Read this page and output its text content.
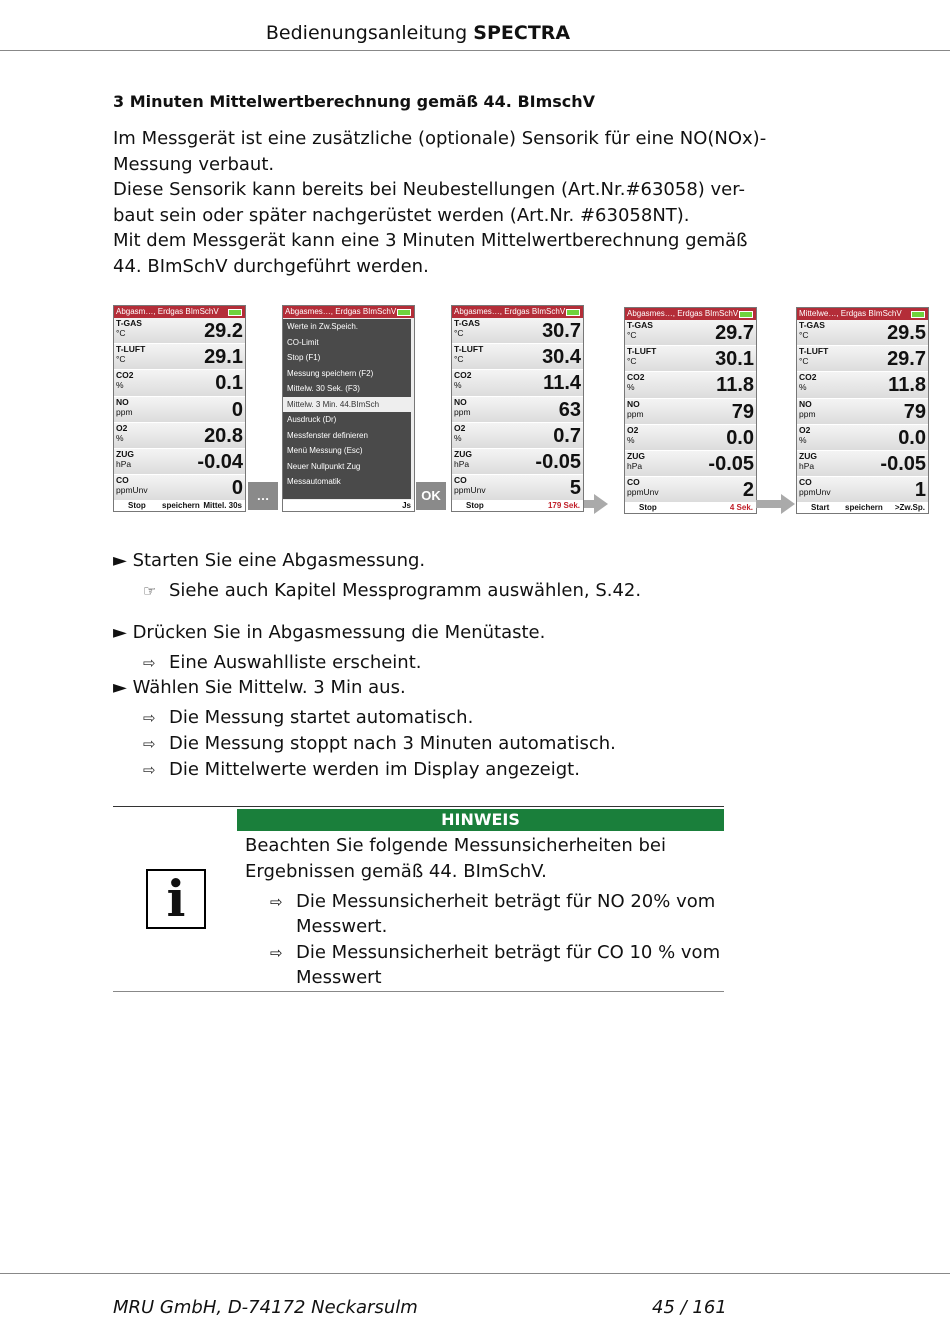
Bedienungsanleitung SPECTRA
3 Minuten Mittelwertberechnung gemäß 44. BImschV
Im Messgerät ist eine zusätzliche (optionale) Sensorik für eine NO(NOx)-
Messung verbaut.
Diese Sensorik kann bereits bei Neubestellungen (Art.Nr.#63058) ver-
baut sein oder später nachgerüstet werden (Art.Nr. #63058NT).
Mit dem Messgerät kann eine 3 Minuten Mittelwertberechnung gemäß
44. BImSchV durchgeführt werden.
Abgasm…, Erdgas BImSchV
T-GAS
°C	29.2
T-LUFT
°C	29.1
CO2
%	0.1
NO
ppm	0
O2
%	20.8
ZUG
hPa	-0.04
CO
ppmUnv	0
Stop speichern Mittel. 30s
Abgasmes…, Erdgas BImSchV
Werte in Zw.Speich.
CO-Limit
Stop (F1)
Messung speichern (F2)
Mittelw. 30 Sek. (F3)
Mittelw. 3 Min. 44.BImSch
Ausdruck (Dr)
Messfenster definieren
Menü Messung (Esc)
Neuer Nullpunkt Zug
Messautomatik
Js
Abgasmes…, Erdgas BImSchV
T-GAS
°C	30.7
T-LUFT
°C	30.4
CO2
%	11.4
NO
ppm	63
O2
%	0.7
ZUG
hPa	-0.05
CO
ppmUnv	5
Stop	179 Sek.
Abgasmes…, Erdgas BImSchV
T-GAS
°C	29.7
T-LUFT
°C	30.1
CO2
%	11.8
NO
ppm	79
O2
%	0.0
ZUG
hPa	-0.05
CO
ppmUnv	2
Stop	4 Sek.
Mittelwe…, Erdgas BImSchV
T-GAS
°C	29.5
T-LUFT
°C	29.7
CO2
%	11.8
NO
ppm	79
O2
%	0.0
ZUG
hPa	-0.05
CO
ppmUnv	1
Start speichern >Zw.Sp.
…	OK
► Starten Sie eine Abgasmessung.
☞ Siehe auch Kapitel Messprogramm auswählen, S.42.
► Drücken Sie in Abgasmessung die Menütaste.
⇨ Eine Auswahlliste erscheint.
► Wählen Sie Mittelw. 3 Min aus.
⇨ Die Messung startet automatisch.
⇨ Die Messung stoppt nach 3 Minuten automatisch.
⇨ Die Mittelwerte werden im Display angezeigt.
HINWEIS
i
Beachten Sie folgende Messunsicherheiten bei
Ergebnissen gemäß 44. BImSchV.
⇨ Die Messunsicherheit beträgt für NO 20% vom
Messwert.
⇨ Die Messunsicherheit beträgt für CO 10 % vom
Messwert
MRU GmbH, D-74172 Neckarsulm	45 / 161
